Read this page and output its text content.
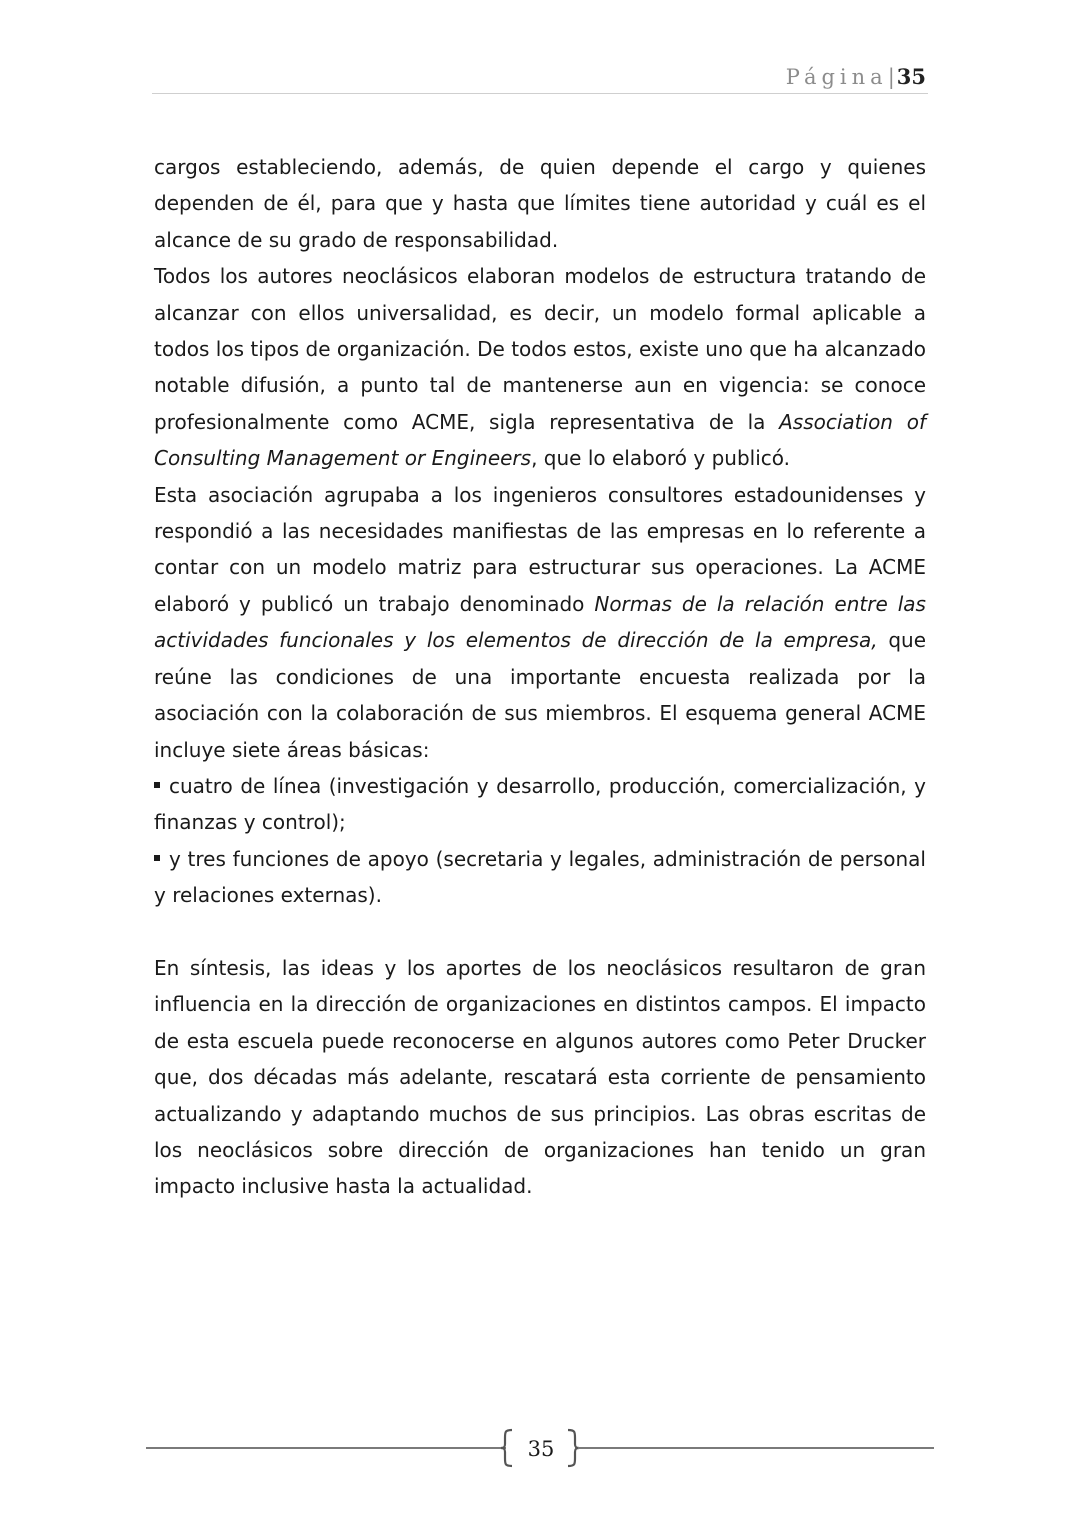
Página|35

cargos estableciendo, además, de quien depende el cargo y quienes dependen de él, para que y hasta que límites tiene autoridad y cuál es el alcance de su grado de responsabilidad.

Todos los autores neoclásicos elaboran modelos de estructura tratando de alcanzar con ellos universalidad, es decir, un modelo formal aplicable a todos los tipos de organización. De todos estos, existe uno que ha alcanzado notable difusión, a punto tal de mantenerse aun en vigencia: se conoce profesionalmente como ACME, sigla representativa de la Association of Consulting Management or Engineers, que lo elaboró y publicó.

Esta asociación agrupaba a los ingenieros consultores estadounidenses y respondió a las necesidades manifiestas de las empresas en lo referente a contar con un modelo matriz para estructurar sus operaciones. La ACME elaboró y publicó un trabajo denominado Normas de la relación entre las actividades funcionales y los elementos de dirección de la empresa, que reúne las condiciones de una importante encuesta realizada por la asociación con la colaboración de sus miembros. El esquema general ACME incluye siete áreas básicas:

cuatro de línea (investigación y desarrollo, producción, comercialización, y finanzas y control);

y tres funciones de apoyo (secretaria y legales, administración de personal y relaciones externas).

En síntesis, las ideas y los aportes de los neoclásicos resultaron de gran influencia en la dirección de organizaciones en distintos campos. El impacto de esta escuela puede reconocerse en algunos autores como Peter Drucker que, dos décadas más adelante, rescatará esta corriente de pensamiento actualizando y adaptando muchos de sus principios. Las obras escritas de los neoclásicos sobre dirección de organizaciones han tenido un gran impacto inclusive hasta la actualidad.

35
